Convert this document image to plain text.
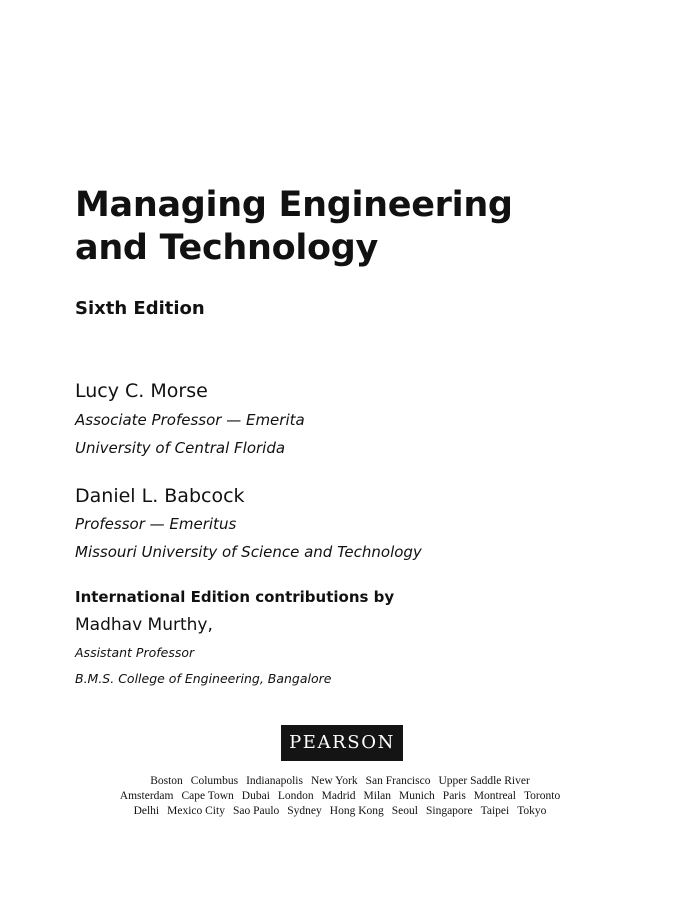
Managing Engineering
and Technology
Sixth Edition
Lucy C. Morse
Associate Professor — Emerita
University of Central Florida
Daniel L. Babcock
Professor — Emeritus
Missouri University of Science and Technology
International Edition contributions by
Madhav Murthy,
Assistant Professor
B.M.S. College of Engineering, Bangalore
PEARSON
Boston Columbus Indianapolis New York San Francisco Upper Saddle River
Amsterdam Cape Town Dubai London Madrid Milan Munich Paris Montreal Toronto
Delhi Mexico City Sao Paulo Sydney Hong Kong Seoul Singapore Taipei Tokyo
